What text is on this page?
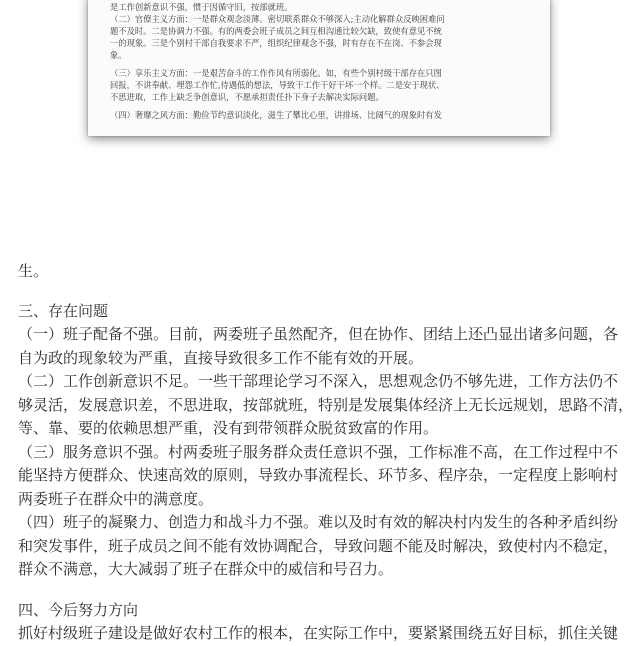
是工作创新意识不强，惯于因循守旧，按部就班。
（二）官僚主义方面：一是群众观念淡薄。密切联系群众不够深入;主动化解群众反映困难问
题不及时。二是协调力不强。有的两委会班子成员之间互相沟通比较欠缺，致使有意见不统
一的现象。三是个别村干部自我要求不严，组织纪律观念不强，时有存在不在岗、不参会现
象。
（三）享乐主义方面：一是艰苦奋斗的工作作风有所弱化。如，有些个别村级干部存在只图
回报，不讲奉献、埋怨工作忙,待遇低的想法，导致干工作干好干坏一个样。二是安于现状、
不思进取，工作上缺乏争创意识，不愿承担责任扑下身子去解决实际问题。
（四）奢靡之风方面：勤俭节约意识淡化，滋生了攀比心里，讲排场、比阔气的现象时有发
生。
三、存在问题
（一）班子配备不强。目前，两委班子虽然配齐，但在协作、团结上还凸显出诸多问题，各
自为政的现象较为严重，直接导致很多工作不能有效的开展。
（二）工作创新意识不足。一些干部理论学习不深入，思想观念仍不够先进，工作方法仍不
够灵活，发展意识差，不思进取，按部就班，特别是发展集体经济上无长远规划，思路不清，
等、靠、要的依赖思想严重，没有到带领群众脱贫致富的作用。
（三）服务意识不强。村两委班子服务群众责任意识不强，工作标准不高，在工作过程中不
能坚持方便群众、快速高效的原则，导致办事流程长、环节多、程序杂，一定程度上影响村
两委班子在群众中的满意度。
（四）班子的凝聚力、创造力和战斗力不强。难以及时有效的解决村内发生的各种矛盾纠纷
和突发事件，班子成员之间不能有效协调配合，导致问题不能及时解决，致使村内不稳定，
群众不满意，大大减弱了班子在群众中的威信和号召力。
四、今后努力方向
抓好村级班子建设是做好农村工作的根本，在实际工作中，要紧紧围绕五好目标，抓住关键
